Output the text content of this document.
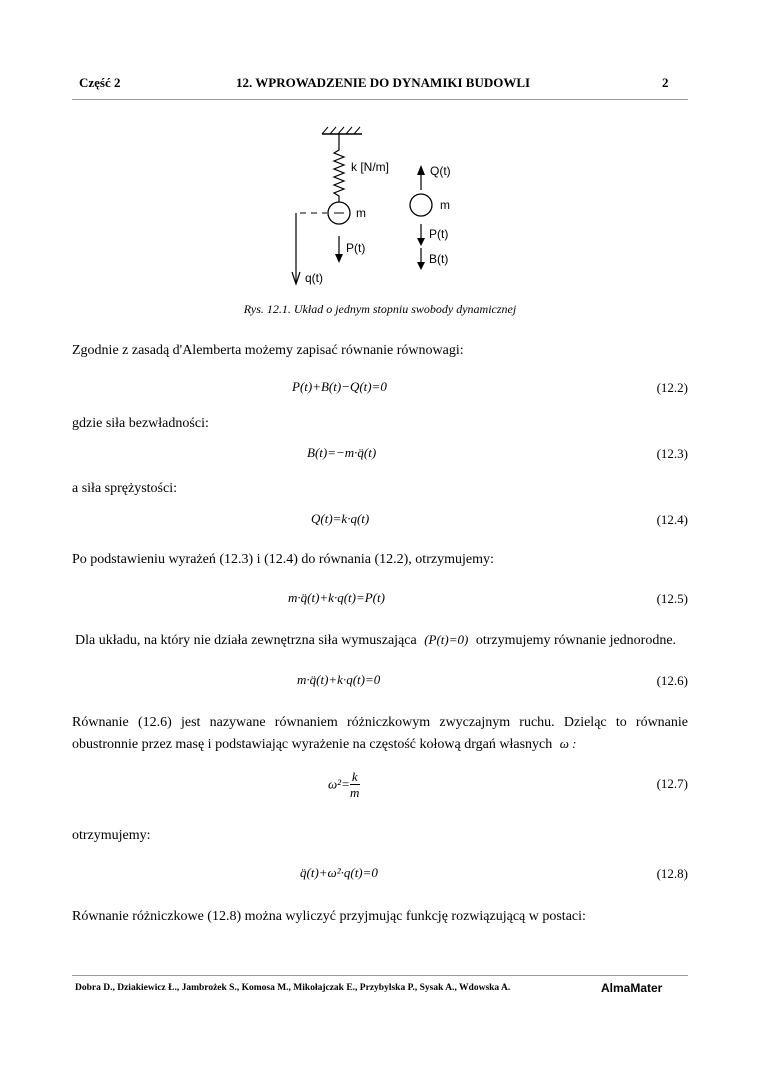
Część 2	12. WPROWADZENIE DO DYNAMIKI BUDOWLI	2
k [N/m]
m
P(t)
q(t)
Q(t)
m
P(t)
B(t)
Rys. 12.1. Układ o jednym stopniu swobody dynamicznej
Zgodnie z zasadą d'Alemberta możemy zapisać równanie równowagi:
P(t)+B(t)−Q(t)=0	(12.2)
gdzie siła bezwładności:
B(t)=−m·q̈(t)	(12.3)
a siła sprężystości:
Q(t)=k·q(t)	(12.4)
Po podstawieniu wyrażeń (12.3) i (12.4) do równania (12.2), otrzymujemy:
m·q̈(t)+k·q(t)=P(t)	(12.5)
Dla układu, na który nie działa zewnętrzna siła wymuszająca (P(t)=0) otrzymujemy równanie jednorodne.
m·q̈(t)+k·q(t)=0	(12.6)
Równanie (12.6) jest nazywane równaniem różniczkowym zwyczajnym ruchu. Dzieląc to równanie
obustronnie przez masę i podstawiając wyrażenie na częstość kołową drgań własnych ω :
$\omega^2= \frac{k}{m}$	(12.7)
otrzymujemy:
q̈(t)+ω²·q(t)=0	(12.8)
Równanie różniczkowe (12.8) można wyliczyć przyjmując funkcję rozwiązującą w postaci:
Dobra D., Dziakiewicz Ł., Jambrożek S., Komosa M., Mikołajczak E., Przybylska P., Sysak A., Wdowska A.	AlmaMater
